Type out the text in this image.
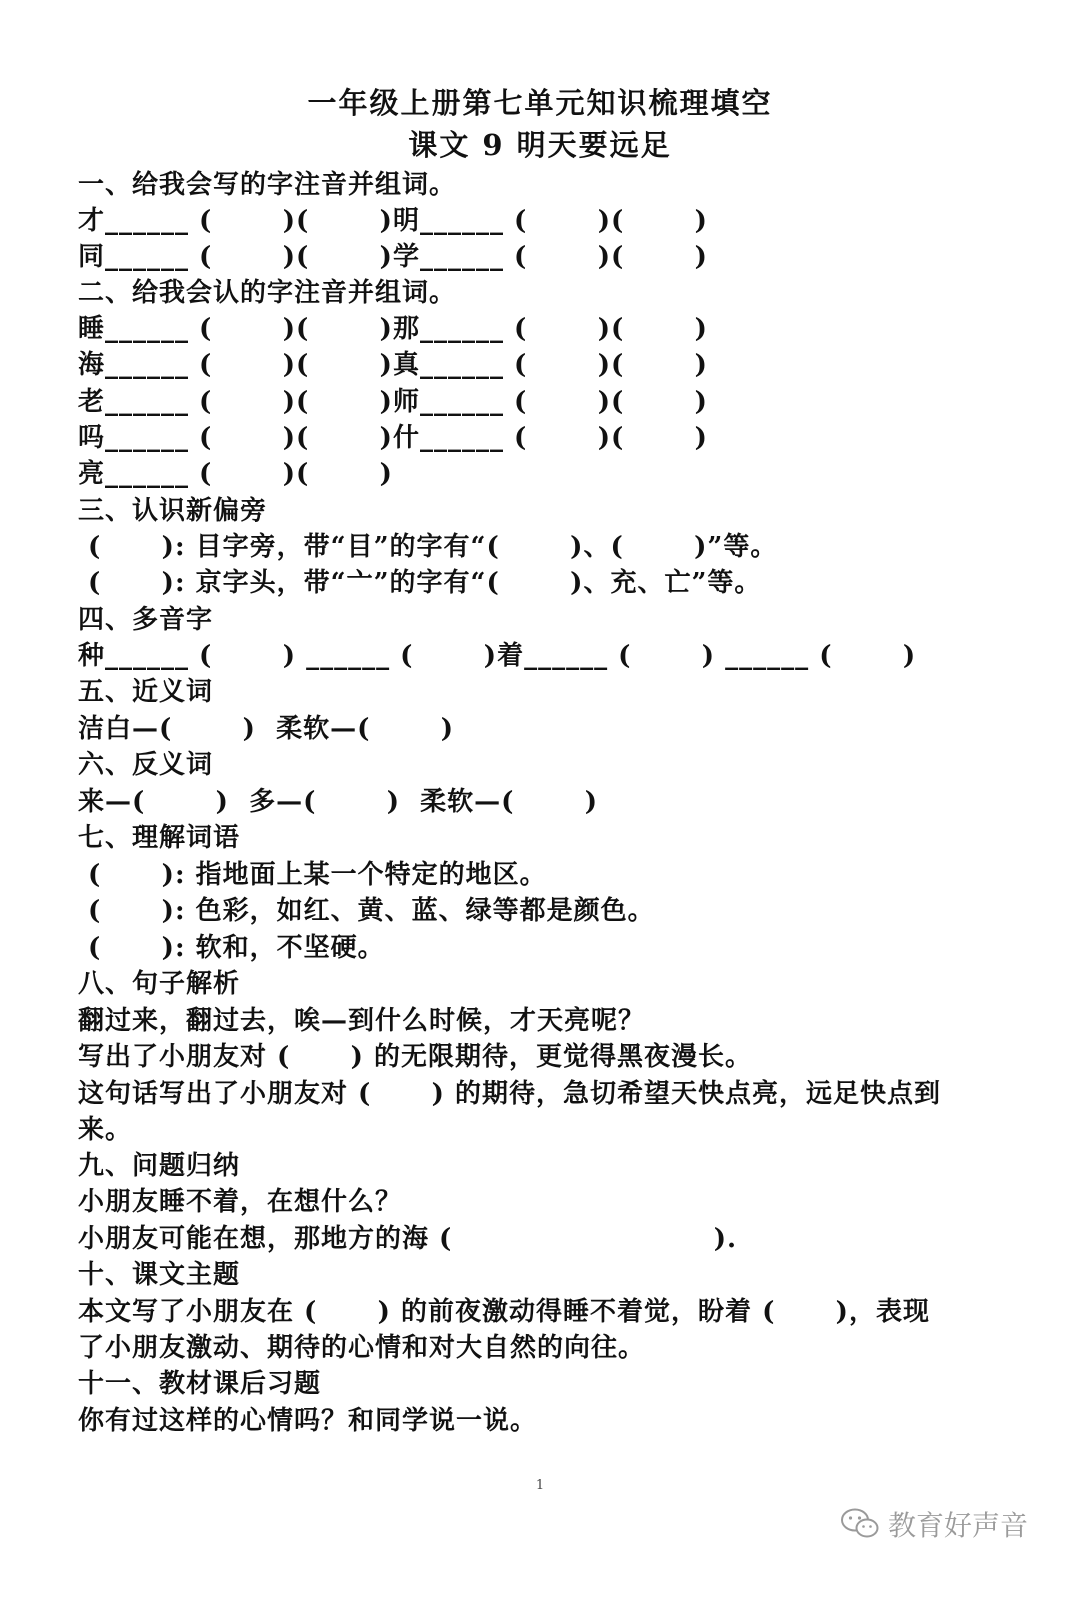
一年级上册第七单元知识梳理填空
课文 9 明天要远足
一、给我会写的字注音并组词。
才______ (       )(       )明______ (       )(       )
同______ (       )(       )学______ (       )(       )
二、给我会认的字注音并组词。
睡______ (       )(       )那______ (       )(       )
海______ (       )(       )真______ (       )(       )
老______ (       )(       )师______ (       )(       )
吗______ (       )(       )什______ (       )(       )
亮______ (       )(       )
三、认识新偏旁
(      ): 目字旁，带“目”的字有“(       )、(       )”等。
(      ): 京字头，带“亠”的字有“(       )、充、亡”等。
四、多音字
种______ (       ) ______ (       )着______ (       ) ______ (       )
五、近义词
洁白—(       )  柔软—(       )
六、反义词
来—(       )  多—(       )  柔软—(       )
七、理解词语
(      ): 指地面上某一个特定的地区。
(      ): 色彩，如红、黄、蓝、绿等都是颜色。
(      ): 软和，不坚硬。
八、句子解析
翻过来，翻过去，唉—到什么时候，才天亮呢？
写出了小朋友对 (      ) 的无限期待，更觉得黑夜漫长。
这句话写出了小朋友对 (      ) 的期待，急切希望天快点亮，远足快点到
来。
九、问题归纳
小朋友睡不着，在想什么？
小朋友可能在想，那地方的海 (                          ).
十、课文主题
本文写了小朋友在 (      ) 的前夜激动得睡不着觉，盼着 (      )，表现
了小朋友激动、期待的心情和对大自然的向往。
十一、教材课后习题
你有过这样的心情吗？和同学说一说。
1
教育好声音
